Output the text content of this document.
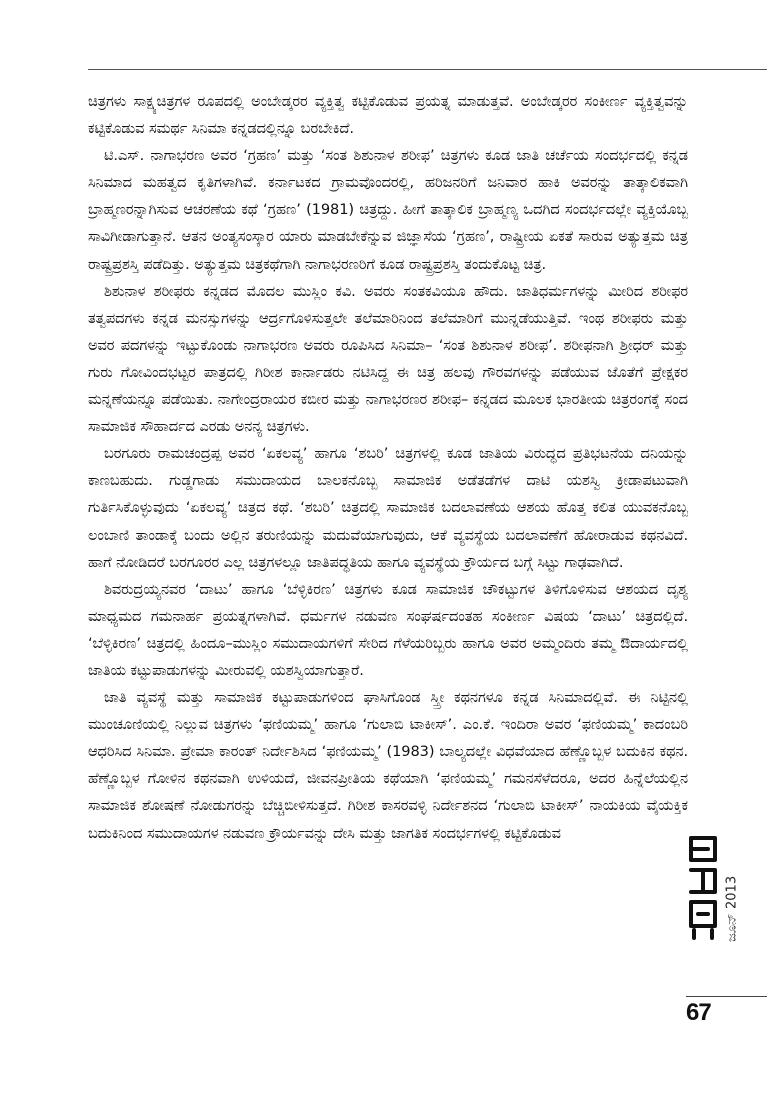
ಚಿತ್ರಗಳು ಸಾಕ್ಷ್ಯಚಿತ್ರಗಳ ರೂಪದಲ್ಲಿ ಅಂಬೇಡ್ಕರರ ವ್ಯಕ್ತಿತ್ವ ಕಟ್ಟಿಕೊಡುವ ಪ್ರಯತ್ನ ಮಾಡುತ್ತವೆ. ಅಂಬೇಡ್ಕರರ ಸಂಕೀರ್ಣ ವ್ಯಕ್ತಿತ್ವವನ್ನು ಕಟ್ಟಿಕೊಡುವ ಸಮರ್ಥ ಸಿನಿಮಾ ಕನ್ನಡದಲ್ಲಿನ್ನೂ ಬರಬೇಕಿದೆ.

ಟಿ.ಎಸ್. ನಾಗಾಭರಣ ಅವರ ‘ಗ್ರಹಣ’ ಮತ್ತು ‘ಸಂತ ಶಿಶುನಾಳ ಶರೀಫ’ ಚಿತ್ರಗಳು ಕೂಡ ಜಾತಿ ಚರ್ಚೆಯ ಸಂದರ್ಭದಲ್ಲಿ ಕನ್ನಡ ಸಿನಿಮಾದ ಮಹತ್ವದ ಕೃತಿಗಳಾಗಿವೆ. ಕರ್ನಾಟಕದ ಗ್ರಾಮವೊಂದರಲ್ಲಿ, ಹರಿಜನರಿಗೆ ಜನಿವಾರ ಹಾಕಿ ಅವರನ್ನು ತಾತ್ಕಾಲಿಕವಾಗಿ ಬ್ರಾಹ್ಮಣರನ್ನಾಗಿಸುವ ಆಚರಣೆಯ ಕಥೆ ‘ಗ್ರಹಣ’ (1981) ಚಿತ್ರದ್ದು. ಹೀಗೆ ತಾತ್ಕಾಲಿಕ ಬ್ರಾಹ್ಮಣ್ಯ ಒದಗಿದ ಸಂದರ್ಭದಲ್ಲೇ ವ್ಯಕ್ತಿಯೊಬ್ಬ ಸಾವಿಗೀಡಾಗುತ್ತಾನೆ. ಆತನ ಅಂತ್ಯಸಂಸ್ಕಾರ ಯಾರು ಮಾಡಬೇಕೆನ್ನುವ ಜಿಜ್ಞಾಸೆಯ ‘ಗ್ರಹಣ’, ರಾಷ್ಟ್ರೀಯ ಏಕತೆ ಸಾರುವ ಅತ್ಯುತ್ತಮ ಚಿತ್ರ ರಾಷ್ಟ್ರಪ್ರಶಸ್ತಿ ಪಡೆದಿತ್ತು. ಅತ್ಯುತ್ತಮ ಚಿತ್ರಕಥೆಗಾಗಿ ನಾಗಾಭರಣರಿಗೆ ಕೂಡ ರಾಷ್ಟ್ರಪ್ರಶಸ್ತಿ ತಂದುಕೊಟ್ಟ ಚಿತ್ರ.

ಶಿಶುನಾಳ ಶರೀಫರು ಕನ್ನಡದ ಮೊದಲ ಮುಸ್ಲಿಂ ಕವಿ. ಅವರು ಸಂತಕವಿಯೂ ಹೌದು. ಜಾತಿಧರ್ಮಗಳನ್ನು ಮೀರಿದ ಶರೀಫರ ತತ್ವಪದಗಳು ಕನ್ನಡ ಮನಸ್ಸುಗಳನ್ನು ಆರ್ದ್ರಗೊಳಿಸುತ್ತಲೇ ತಲೆಮಾರಿನಿಂದ ತಲೆಮಾರಿಗೆ ಮುನ್ನಡೆಯುತ್ತಿವೆ. ಇಂಥ ಶರೀಫರು ಮತ್ತು ಅವರ ಪದಗಳನ್ನು ಇಟ್ಟುಕೊಂಡು ನಾಗಾಭರಣ ಅವರು ರೂಪಿಸಿದ ಸಿನಿಮಾ– ‘ಸಂತ ಶಿಶುನಾಳ ಶರೀಫ’. ಶರೀಫನಾಗಿ ಶ್ರೀಧರ್ ಮತ್ತು ಗುರು ಗೋವಿಂದಭಟ್ಟರ ಪಾತ್ರದಲ್ಲಿ ಗಿರೀಶ ಕಾರ್ನಾಡರು ನಟಿಸಿದ್ದ ಈ ಚಿತ್ರ ಹಲವು ಗೌರವಗಳನ್ನು ಪಡೆಯುವ ಜೊತೆಗೆ ಪ್ರೇಕ್ಷಕರ ಮನ್ನಣೆಯನ್ನೂ ಪಡೆಯಿತು. ನಾಗೇಂದ್ರರಾಯರ ಕಬೀರ ಮತ್ತು ನಾಗಾಭರಣರ ಶರೀಫ– ಕನ್ನಡದ ಮೂಲಕ ಭಾರತೀಯ ಚಿತ್ರರಂಗಕ್ಕೆ ಸಂದ ಸಾಮಾಜಿಕ ಸೌಹಾರ್ದದ ಎರಡು ಅನನ್ಯ ಚಿತ್ರಗಳು.

ಬರಗೂರು ರಾಮಚಂದ್ರಪ್ಪ ಅವರ ‘ಏಕಲವ್ಯ’ ಹಾಗೂ ‘ಶಬರಿ’ ಚಿತ್ರಗಳಲ್ಲಿ ಕೂಡ ಜಾತಿಯ ವಿರುದ್ಧದ ಪ್ರತಿಭಟನೆಯ ದನಿಯನ್ನು ಕಾಣಬಹುದು. ಗುಡ್ಡಗಾಡು ಸಮುದಾಯದ ಬಾಲಕನೊಬ್ಬ ಸಾಮಾಜಿಕ ಅಡೆತಡೆಗಳ ದಾಟಿ ಯಶಸ್ವಿ ಕ್ರೀಡಾಪಟುವಾಗಿ ಗುರ್ತಿಸಿಕೊಳ್ಳುವುದು ‘ಏಕಲವ್ಯ’ ಚಿತ್ರದ ಕಥೆ. ‘ಶಬರಿ’ ಚಿತ್ರದಲ್ಲಿ ಸಾಮಾಜಿಕ ಬದಲಾವಣೆಯ ಆಶಯ ಹೊತ್ತ ಕಲಿತ ಯುವಕನೊಬ್ಬ ಲಂಬಾಣಿ ತಾಂಡಾಕ್ಕೆ ಬಂದು ಅಲ್ಲಿನ ತರುಣಿಯನ್ನು ಮದುವೆಯಾಗುವುದು, ಆಕೆ ವ್ಯವಸ್ಥೆಯ ಬದಲಾವಣೆಗೆ ಹೋರಾಡುವ ಕಥನವಿದೆ. ಹಾಗೆ ನೋಡಿದರೆ ಬರಗೂರರ ಎಲ್ಲ ಚಿತ್ರಗಳಲ್ಲೂ ಜಾತಿಪದ್ಧತಿಯ ಹಾಗೂ ವ್ಯವಸ್ಥೆಯ ಕ್ರೌರ್ಯದ ಬಗ್ಗೆ ಸಿಟ್ಟು ಗಾಢವಾಗಿದೆ.

ಶಿವರುದ್ರಯ್ಯನವರ ‘ದಾಟು’ ಹಾಗೂ ‘ಬೆಳ್ಳಿಕಿರಣ’ ಚಿತ್ರಗಳು ಕೂಡ ಸಾಮಾಜಿಕ ಚೌಕಟ್ಟುಗಳ ತಿಳಿಗೊಳಿಸುವ ಆಶಯದ ದೃಶ್ಯ ಮಾಧ್ಯಮದ ಗಮನಾರ್ಹ ಪ್ರಯತ್ನಗಳಾಗಿವೆ. ಧರ್ಮಗಳ ನಡುವಣ ಸಂಘರ್ಷದಂತಹ ಸಂಕೀರ್ಣ ವಿಷಯ ‘ದಾಟು’ ಚಿತ್ರದಲ್ಲಿದೆ. ‘ಬೆಳ್ಳಿಕಿರಣ’ ಚಿತ್ರದಲ್ಲಿ ಹಿಂದೂ–ಮುಸ್ಲಿಂ ಸಮುದಾಯಗಳಿಗೆ ಸೇರಿದ ಗೆಳೆಯರಿಬ್ಬರು ಹಾಗೂ ಅವರ ಅಮ್ಮಂದಿರು ತಮ್ಮ ಔದಾರ್ಯದಲ್ಲಿ ಜಾತಿಯ ಕಟ್ಟುಪಾಡುಗಳನ್ನು ಮೀರುವಲ್ಲಿ ಯಶಸ್ವಿಯಾಗುತ್ತಾರೆ.

ಜಾತಿ ವ್ಯವಸ್ಥೆ ಮತ್ತು ಸಾಮಾಜಿಕ ಕಟ್ಟುಪಾಡುಗಳಿಂದ ಘಾಸಿಗೊಂಡ ಸ್ತ್ರೀ ಕಥನಗಳೂ ಕನ್ನಡ ಸಿನಿಮಾದಲ್ಲಿವೆ. ಈ ನಿಟ್ಟಿನಲ್ಲಿ ಮುಂಚೂಣಿಯಲ್ಲಿ ನಿಲ್ಲುವ ಚಿತ್ರಗಳು ‘ಫಣಿಯಮ್ಮ’ ಹಾಗೂ ‘ಗುಲಾಬಿ ಟಾಕೀಸ್’. ಎಂ.ಕೆ. ಇಂದಿರಾ ಅವರ ‘ಫಣಿಯಮ್ಮ’ ಕಾದಂಬರಿ ಆಧರಿಸಿದ ಸಿನಿಮಾ. ಪ್ರೇಮಾ ಕಾರಂತ್ ನಿರ್ದೇಶಿಸಿದ ‘ಫಣಿಯಮ್ಮ’ (1983) ಬಾಲ್ಯದಲ್ಲೇ ವಿಧವೆಯಾದ ಹೆಣ್ಣೊಬ್ಬಳ ಬದುಕಿನ ಕಥನ. ಹೆಣ್ಣೊಬ್ಬಳ ಗೋಳಿನ ಕಥನವಾಗಿ ಉಳಿಯದೆ, ಜೀವನಪ್ರೀತಿಯ ಕಥೆಯಾಗಿ ‘ಫಣಿಯಮ್ಮ’ ಗಮನಸೆಳೆದರೂ, ಅದರ ಹಿನ್ನೆಲೆಯಲ್ಲಿನ ಸಾಮಾಜಿಕ ಶೋಷಣೆ ನೋಡುಗರನ್ನು ಬೆಚ್ಚಿಬೀಳಿಸುತ್ತದೆ. ಗಿರೀಶ ಕಾಸರವಳ್ಳಿ ನಿರ್ದೇಶನದ ‘ಗುಲಾಬಿ ಟಾಕೀಸ್’ ನಾಯಕಿಯ ವೈಯಕ್ತಿಕ ಬದುಕಿನಿಂದ ಸಮುದಾಯಗಳ ನಡುವಣ ಕ್ರೌರ್ಯವನ್ನು ದೇಸಿ ಮತ್ತು ಜಾಗತಿಕ ಸಂದರ್ಭಗಳಲ್ಲಿ ಕಟ್ಟಿಕೊಡುವ

ಜೂನ್

2013
67
